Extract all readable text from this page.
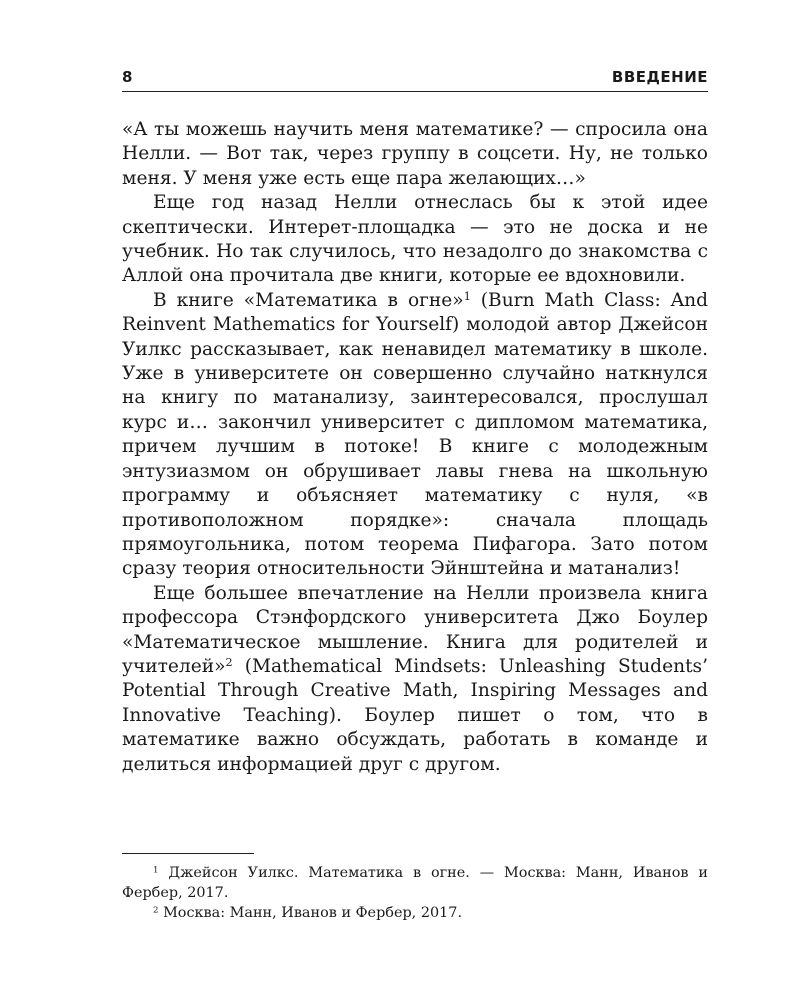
8	ВВЕДЕНИЕ

«А ты можешь научить меня математике? — спросила она Нелли. — Вот так, через группу в соцсети. Ну, не только меня. У меня уже есть еще пара желающих…»

Еще год назад Нелли отнеслась бы к этой идее скептически. Интерет-площадка — это не доска и не учебник. Но так случилось, что незадолго до знакомства с Аллой она прочитала две книги, которые ее вдохновили.

В книге «Математика в огне»$^1$ (Burn Math Class: And Reinvent Mathematics for Yourself) молодой автор Джейсон Уилкс рассказывает, как ненавидел математику в школе. Уже в университете он совершенно случайно наткнулся на книгу по матанализу, заинтересовался, прослушал курс и… закончил университет с дипломом математика, причем лучшим в потоке! В книге с молодежным энтузиазмом он обрушивает лавы гнева на школьную программу и объясняет математику с нуля, «в противоположном порядке»: сначала площадь прямоугольника, потом теорема Пифагора. Зато потом сразу теория относительности Эйнштейна и матанализ!

Еще большее впечатление на Нелли произвела книга профессора Стэнфордского университета Джо Боулер «Математическое мышление. Книга для родителей и учителей»$^2$ (Mathematical Mindsets: Unleashing Students’ Potential Through Creative Math, Inspiring Messages and Innovative Teaching). Боулер пишет о том, что в математике важно обсуждать, работать в команде и делиться информацией друг с другом.

$^1$ Джейсон Уилкс. Математика в огне. — Москва: Манн, Иванов и Фербер, 2017.

$^2$ Москва: Манн, Иванов и Фербер, 2017.
